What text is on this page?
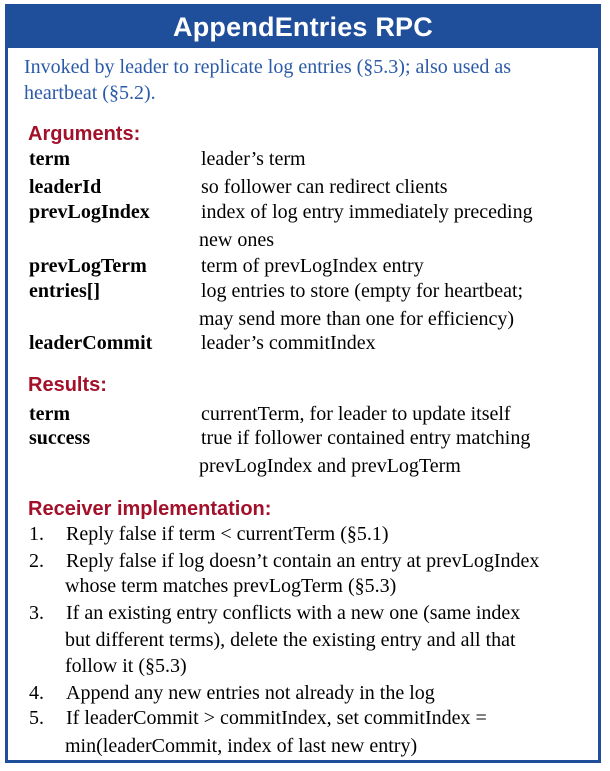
AppendEntries RPC
Invoked by leader to replicate log entries (§5.3); also used as
heartbeat (§5.2).
Arguments:
term	leader’s term
leaderId	so follower can redirect clients
prevLogIndex	index of log entry immediately preceding
new ones
prevLogTerm	term of prevLogIndex entry
entries[]	log entries to store (empty for heartbeat;
may send more than one for efficiency)
leaderCommit leader’s commitIndex
Results:
term	currentTerm, for leader to update itself
success	true if follower contained entry matching
prevLogIndex and prevLogTerm
Receiver implementation:
1. Reply false if term < currentTerm (§5.1)
2. Reply false if log doesn’t contain an entry at prevLogIndex
whose term matches prevLogTerm (§5.3)
3. If an existing entry conflicts with a new one (same index
but different terms), delete the existing entry and all that
follow it (§5.3)
4. Append any new entries not already in the log
5. If leaderCommit > commitIndex, set commitIndex =
min(leaderCommit, index of last new entry)
